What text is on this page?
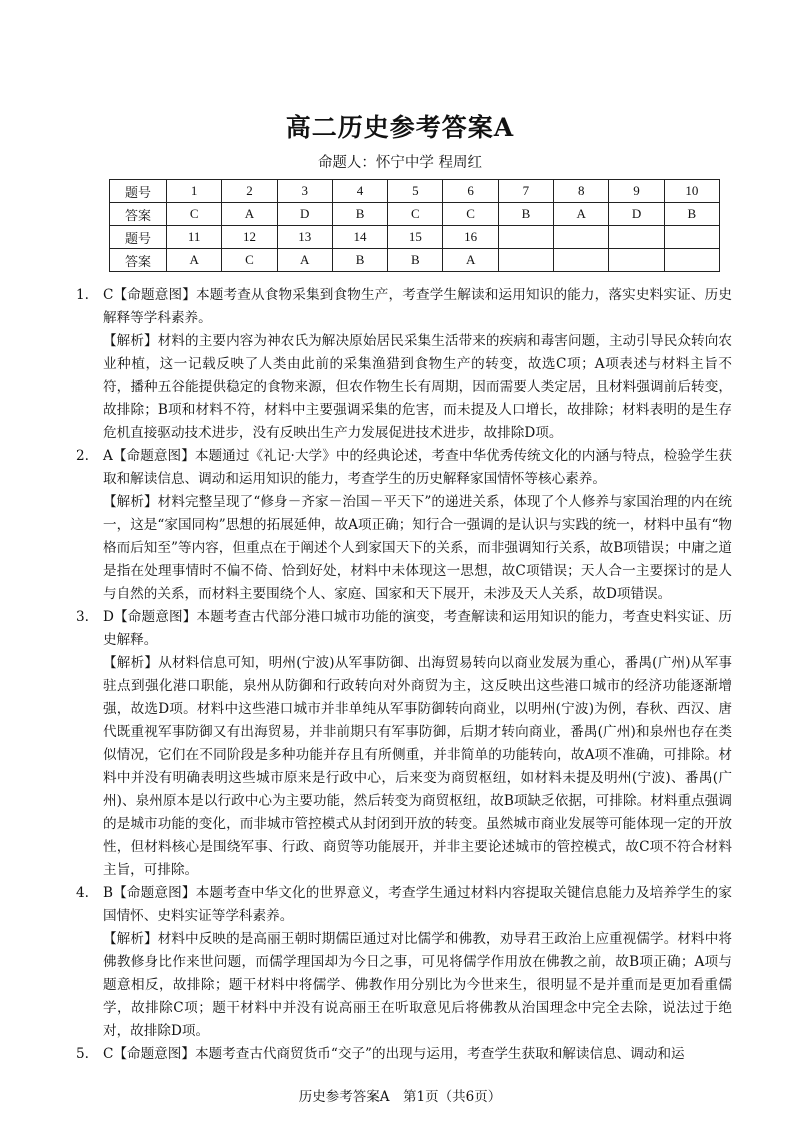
高二历史参考答案A
命题人：怀宁中学 程周红
题号	1	2	3	4	5	6	7	8	9	10
答案	C	A	D	B	C	C	B	A	D	B
题号	11	12	13	14	15	16				
答案	A	C	A	B	B	A				
1. C【命题意图】本题考查从食物采集到食物生产，考查学生解读和运用知识的能力，落实史料实证、历史解释等学科素养。
【解析】材料的主要内容为神农氏为解决原始居民采集生活带来的疾病和毒害问题，主动引导民众转向农业种植，这一记载反映了人类由此前的采集渔猎到食物生产的转变，故选C项；A项表述与材料主旨不符，播种五谷能提供稳定的食物来源，但农作物生长有周期，因而需要人类定居，且材料强调前后转变，故排除；B项和材料不符，材料中主要强调采集的危害，而未提及人口增长，故排除；材料表明的是生存危机直接驱动技术进步，没有反映出生产力发展促进技术进步，故排除D项。
2. A【命题意图】本题通过《礼记·大学》中的经典论述，考查中华优秀传统文化的内涵与特点，检验学生获取和解读信息、调动和运用知识的能力，考查学生的历史解释家国情怀等核心素养。
【解析】材料完整呈现了“修身－齐家－治国－平天下”的递进关系，体现了个人修养与家国治理的内在统一，这是“家国同构”思想的拓展延伸，故A项正确；知行合一强调的是认识与实践的统一，材料中虽有“物格而后知至”等内容，但重点在于阐述个人到家国天下的关系，而非强调知行关系，故B项错误；中庸之道是指在处理事情时不偏不倚、恰到好处，材料中未体现这一思想，故C项错误；天人合一主要探讨的是人与自然的关系，而材料主要围绕个人、家庭、国家和天下展开，未涉及天人关系，故D项错误。
3. D【命题意图】本题考查古代部分港口城市功能的演变，考查解读和运用知识的能力，考查史料实证、历史解释。
【解析】从材料信息可知，明州(宁波)从军事防御、出海贸易转向以商业发展为重心，番禺(广州)从军事驻点到强化港口职能，泉州从防御和行政转向对外商贸为主，这反映出这些港口城市的经济功能逐渐增强，故选D项。材料中这些港口城市并非单纯从军事防御转向商业，以明州(宁波)为例，春秋、西汉、唐代既重视军事防御又有出海贸易，并非前期只有军事防御，后期才转向商业，番禺(广州)和泉州也存在类似情况，它们在不同阶段是多种功能并存且有所侧重，并非简单的功能转向，故A项不准确，可排除。材料中并没有明确表明这些城市原来是行政中心，后来变为商贸枢纽，如材料未提及明州(宁波)、番禺(广州)、泉州原本是以行政中心为主要功能，然后转变为商贸枢纽，故B项缺乏依据，可排除。材料重点强调的是城市功能的变化，而非城市管控模式从封闭到开放的转变。虽然城市商业发展等可能体现一定的开放性，但材料核心是围绕军事、行政、商贸等功能展开，并非主要论述城市的管控模式，故C项不符合材料主旨，可排除。
4. B【命题意图】本题考查中华文化的世界意义，考查学生通过材料内容提取关键信息能力及培养学生的家国情怀、史料实证等学科素养。
【解析】材料中反映的是高丽王朝时期儒臣通过对比儒学和佛教，劝导君王政治上应重视儒学。材料中将佛教修身比作来世问题，而儒学理国却为今日之事，可见将儒学作用放在佛教之前，故B项正确；A项与题意相反，故排除；题干材料中将儒学、佛教作用分别比为今世来生，很明显不是并重而是更加看重儒学，故排除C项；题干材料中并没有说高丽王在听取意见后将佛教从治国理念中完全去除，说法过于绝对，故排除D项。
5. C【命题意图】本题考查古代商贸货币“交子”的出现与运用，考查学生获取和解读信息、调动和运
历史参考答案A　第1页（共6页）
